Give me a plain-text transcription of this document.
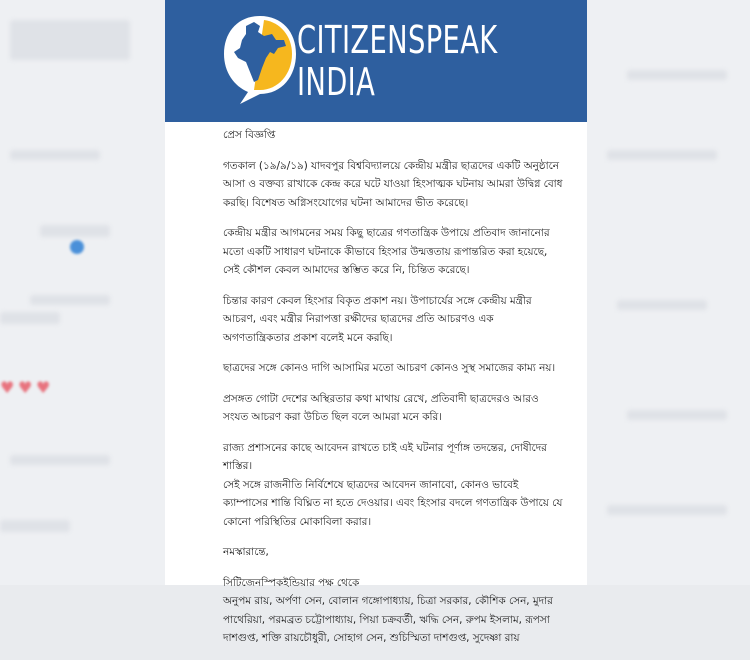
♥ ♥ ♥
CITIZENSPEAK
INDIA

প্রেস বিজ্ঞপ্তি

গতকাল (১৯/৯/১৯) যাদবপুর বিশ্ববিদ্যালয়ে কেন্দ্রীয় মন্ত্রীর ছাত্রদের একটি অনুষ্ঠানে আসা ও বক্তব্য রাখাকে কেন্দ্র করে ঘটে যাওয়া হিংসাত্মক ঘটনায় আমরা উদ্বিগ্ন বোধ করছি। বিশেষত অগ্নিসংযোগের ঘটনা আমাদের ভীত করেছে।

কেন্দ্রীয় মন্ত্রীর আগমনের সময় কিছু ছাত্রের গণতান্ত্রিক উপায়ে প্রতিবাদ জানানোর মতো একটি সাধারণ ঘটনাকে কীভাবে হিংসার উন্মত্ততায় রূপান্তরিত করা হয়েছে, সেই কৌশল কেবল আমাদের স্তম্ভিত করে নি, চিন্তিত করেছে।

চিন্তার কারণ কেবল হিংসার বিকৃত প্রকাশ নয়। উপাচার্যের সঙ্গে কেন্দ্রীয় মন্ত্রীর আচরণ, এবং মন্ত্রীর নিরাপত্তা রক্ষীদের ছাত্রদের প্রতি আচরণও এক অগণতান্ত্রিকতার প্রকাশ বলেই মনে করছি।

ছাত্রদের সঙ্গে কোনও দাগি আসামির মতো আচরণ কোনও সুস্থ সমাজের কাম্য নয়।

প্রসঙ্গত গোটা দেশের অস্থিরতার কথা মাথায় রেখে, প্রতিবাদী ছাত্রদেরও আরও সংযত আচরণ করা উচিত ছিল বলে আমরা মনে করি।

রাজ্য প্রশাসনের কাছে আবেদন রাখতে চাই এই ঘটনার পূর্ণাঙ্গ তদন্তের, দোষীদের শাস্তির।

সেই সঙ্গে রাজনীতি নির্বিশেষে ছাত্রদের আবেদন জানাবো, কোনও ভাবেই ক্যাম্পাসের শান্তি বিঘ্নিত না হতে দেওয়ার। এবং হিংসার বদলে গণতান্ত্রিক উপায়ে যে কোনো পরিস্থিতির মোকাবিলা করার।

নমস্কারান্তে,

সিটিজেনস্পিকইন্ডিয়ার পক্ষ থেকে

অনুপম রায়, অর্পণা সেন, বোলান গঙ্গোপাধ্যায়, চিত্রা সরকার, কৌশিক সেন, মুদার পাথেরিয়া, পরমব্রত চট্টোপাধ্যায়, পিয়া চক্রবর্তী, ঋদ্ধি সেন, রুপম ইসলাম, রূপসা দাশগুপ্ত, শক্তি রায়চৌধুরী, সোহাগ সেন, শুচিস্মিতা দাশগুপ্ত, সুদেষ্ণা রায়
